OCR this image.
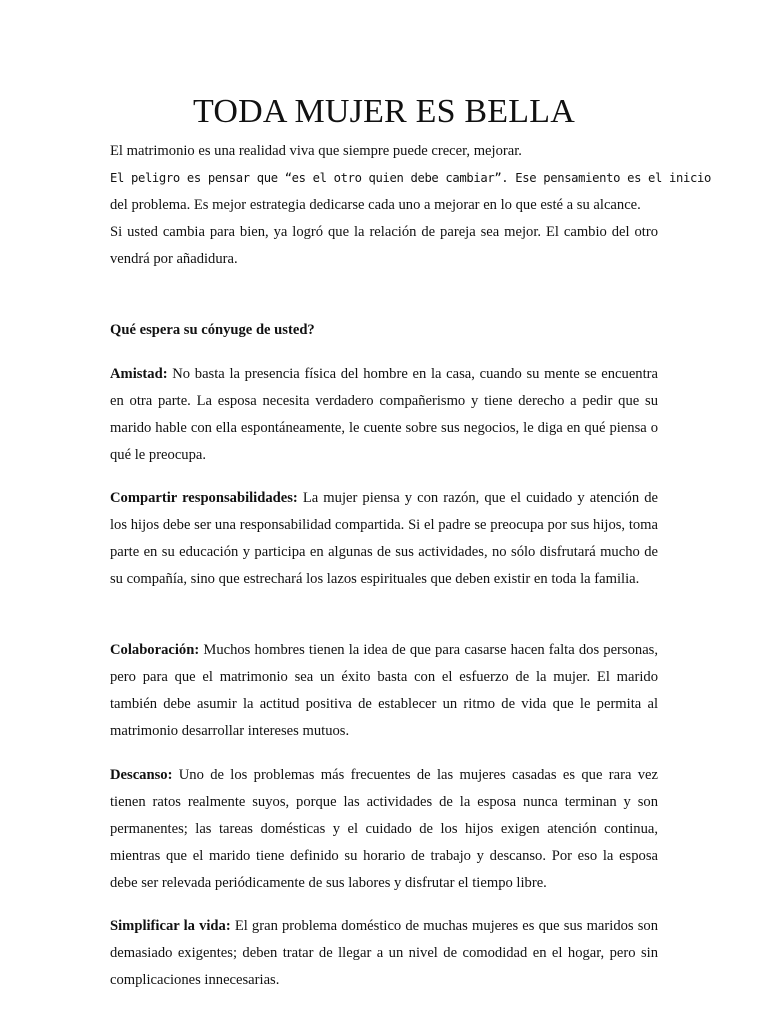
TODA MUJER ES BELLA

El matrimonio es una realidad viva que siempre puede crecer, mejorar.

El peligro es pensar que “es el otro quien debe cambiar”. Ese pensamiento es el inicio

del problema. Es mejor estrategia dedicarse cada uno a mejorar en lo que esté a su alcance.

Si usted cambia para bien, ya logró que la relación de pareja sea mejor. El cambio del otro vendrá por añadidura.

Qué espera su cónyuge de usted?

Amistad: No basta la presencia física del hombre en la casa, cuando su mente se encuentra en otra parte. La esposa necesita verdadero compañerismo y tiene derecho a pedir que su marido hable con ella espontáneamente, le cuente sobre sus negocios, le diga en qué piensa o qué le preocupa.

Compartir responsabilidades: La mujer piensa y con razón, que el cuidado y atención de los hijos debe ser una responsabilidad compartida. Si el padre se preocupa por sus hijos, toma parte en su educación y participa en algunas de sus actividades, no sólo disfrutará mucho de su compañía, sino que estrechará los lazos espirituales que deben existir en toda la familia.

Colaboración: Muchos hombres tienen la idea de que para casarse hacen falta dos personas, pero para que el matrimonio sea un éxito basta con el esfuerzo de la mujer. El marido también debe asumir la actitud positiva de establecer un ritmo de vida que le permita al matrimonio desarrollar intereses mutuos.

Descanso: Uno de los problemas más frecuentes de las mujeres casadas es que rara vez tienen ratos realmente suyos, porque las actividades de la esposa nunca terminan y son permanentes; las tareas domésticas y el cuidado de los hijos exigen atención continua, mientras que el marido tiene definido su horario de trabajo y descanso. Por eso la esposa debe ser relevada periódicamente de sus labores y disfrutar el tiempo libre.

Simplificar la vida: El gran problema doméstico de muchas mujeres es que sus maridos son demasiado exigentes; deben tratar de llegar a un nivel de comodidad en el hogar, pero sin complicaciones innecesarias.
